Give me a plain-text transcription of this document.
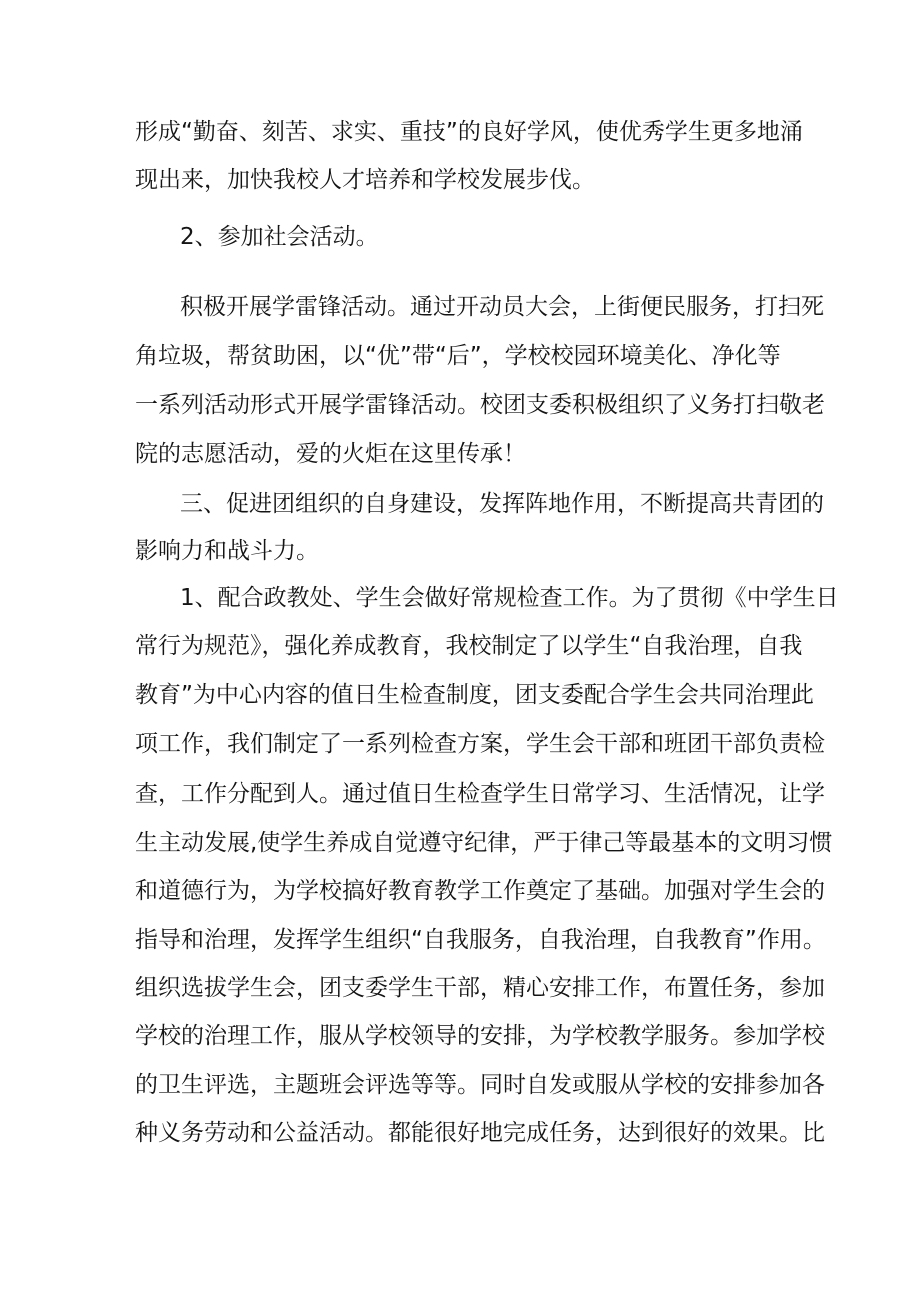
形成“勤奋、刻苦、求实、重技”的良好学风，使优秀学生更多地涌
现出来，加快我校人才培养和学校发展步伐。
2、参加社会活动。
积极开展学雷锋活动。通过开动员大会，上街便民服务，打扫死
角垃圾，帮贫助困，以“优”带“后”，学校校园环境美化、净化等
一系列活动形式开展学雷锋活动。校团支委积极组织了义务打扫敬老
院的志愿活动，爱的火炬在这里传承！
三、促进团组织的自身建设，发挥阵地作用，不断提高共青团的
影响力和战斗力。
1、配合政教处、学生会做好常规检查工作。为了贯彻《中学生日
常行为规范》，强化养成教育，我校制定了以学生“自我治理，自我
教育”为中心内容的值日生检查制度，团支委配合学生会共同治理此
项工作，我们制定了一系列检查方案，学生会干部和班团干部负责检
查，工作分配到人。通过值日生检查学生日常学习、生活情况，让学
生主动发展,使学生养成自觉遵守纪律，严于律己等最基本的文明习惯
和道德行为，为学校搞好教育教学工作奠定了基础。加强对学生会的
指导和治理，发挥学生组织“自我服务，自我治理，自我教育”作用。
组织选拔学生会，团支委学生干部，精心安排工作，布置任务，参加
学校的治理工作，服从学校领导的安排，为学校教学服务。参加学校
的卫生评选，主题班会评选等等。同时自发或服从学校的安排参加各
种义务劳动和公益活动。都能很好地完成任务，达到很好的效果。比
